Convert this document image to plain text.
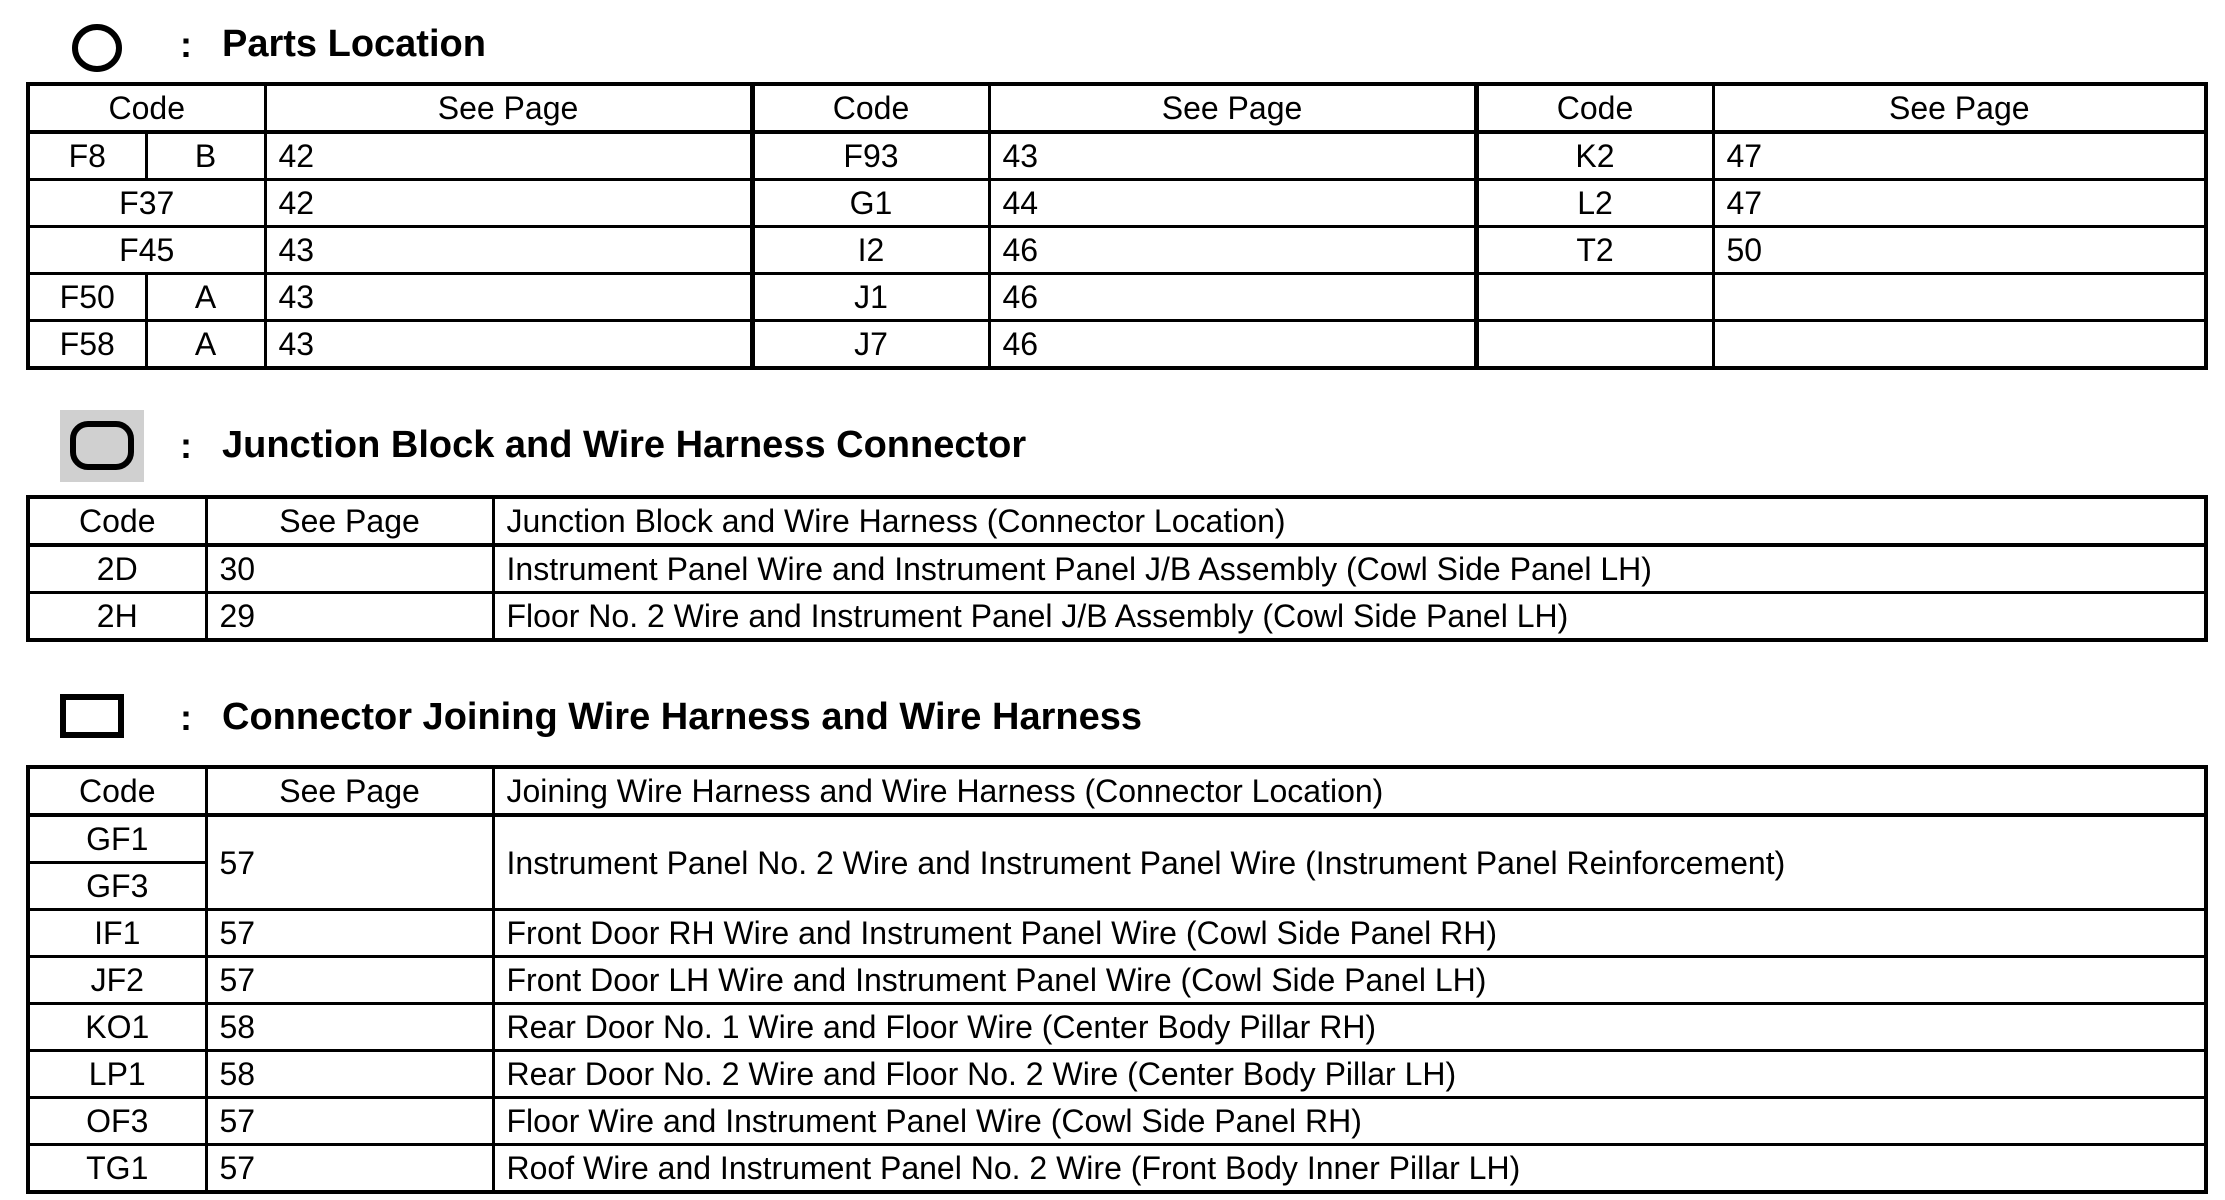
: Parts Location
Code		See Page	Code	See Page	Code	See Page
F8	B	42	F93	43	K2	47
F37		42	G1	44	L2	47
F45		43	I2	46	T2	50
F50	A	43	J1	46		
F58	A	43	J7	46		
: Junction Block and Wire Harness Connector
Code	See Page	Junction Block and Wire Harness (Connector Location)
2D	30	Instrument Panel Wire and Instrument Panel J/B Assembly (Cowl Side Panel LH)
2H	29	Floor No. 2 Wire and Instrument Panel J/B Assembly (Cowl Side Panel LH)
: Connector Joining Wire Harness and Wire Harness
Code	See Page	Joining Wire Harness and Wire Harness (Connector Location)
GF1	57	Instrument Panel No. 2 Wire and Instrument Panel Wire (Instrument Panel Reinforcement)
GF3		
IF1	57	Front Door RH Wire and Instrument Panel Wire (Cowl Side Panel RH)
JF2	57	Front Door LH Wire and Instrument Panel Wire (Cowl Side Panel LH)
KO1	58	Rear Door No. 1 Wire and Floor Wire (Center Body Pillar RH)
LP1	58	Rear Door No. 2 Wire and Floor No. 2 Wire (Center Body Pillar LH)
OF3	57	Floor Wire and Instrument Panel Wire (Cowl Side Panel RH)
TG1	57	Roof Wire and Instrument Panel No. 2 Wire (Front Body Inner Pillar LH)
